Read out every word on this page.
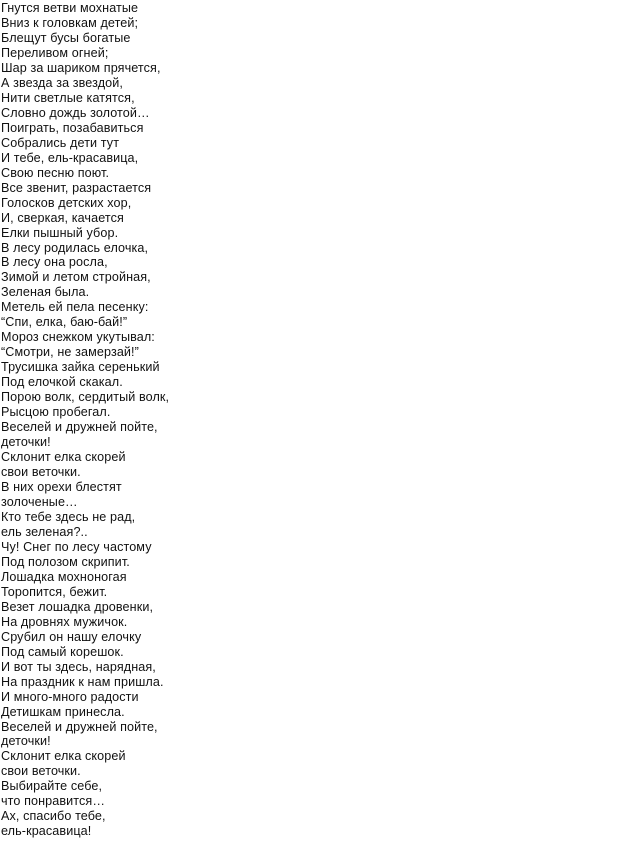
Гнутся ветви мохнатые
Вниз к головкам детей;
Блещут бусы богатые
Переливом огней;
Шар за шариком прячется,
А звезда за звездой,
Нити светлые катятся,
Словно дождь золотой…
Поиграть, позабавиться
Собрались дети тут
И тебе, ель-красавица,
Свою песню поют.
Все звенит, разрастается
Голосков детских хор,
И, сверкая, качается
Елки пышный убор.
В лесу родилась елочка,
В лесу она росла,
Зимой и летом стройная,
Зеленая была.
Метель ей пела песенку:
“Спи, елка, баю-бай!”
Мороз снежком укутывал:
“Смотри, не замерзай!”
Трусишка зайка серенький
Под елочкой скакал.
Порою волк, сердитый волк,
Рысцою пробегал.
Веселей и дружней пойте,
деточки!
Склонит елка скорей
свои веточки.
В них орехи блестят
золоченые…
Кто тебе здесь не рад,
ель зеленая?..
Чу! Снег по лесу частому
Под полозом скрипит.
Лошадка мохноногая
Торопится, бежит.
Везет лошадка дровенки,
На дровнях мужичок.
Срубил он нашу елочку
Под самый корешок.
И вот ты здесь, нарядная,
На праздник к нам пришла.
И много-много радости
Детишкам принесла.
Веселей и дружней пойте,
деточки!
Склонит елка скорей
свои веточки.
Выбирайте себе,
что понравится…
Ах, спасибо тебе,
ель-красавица!
